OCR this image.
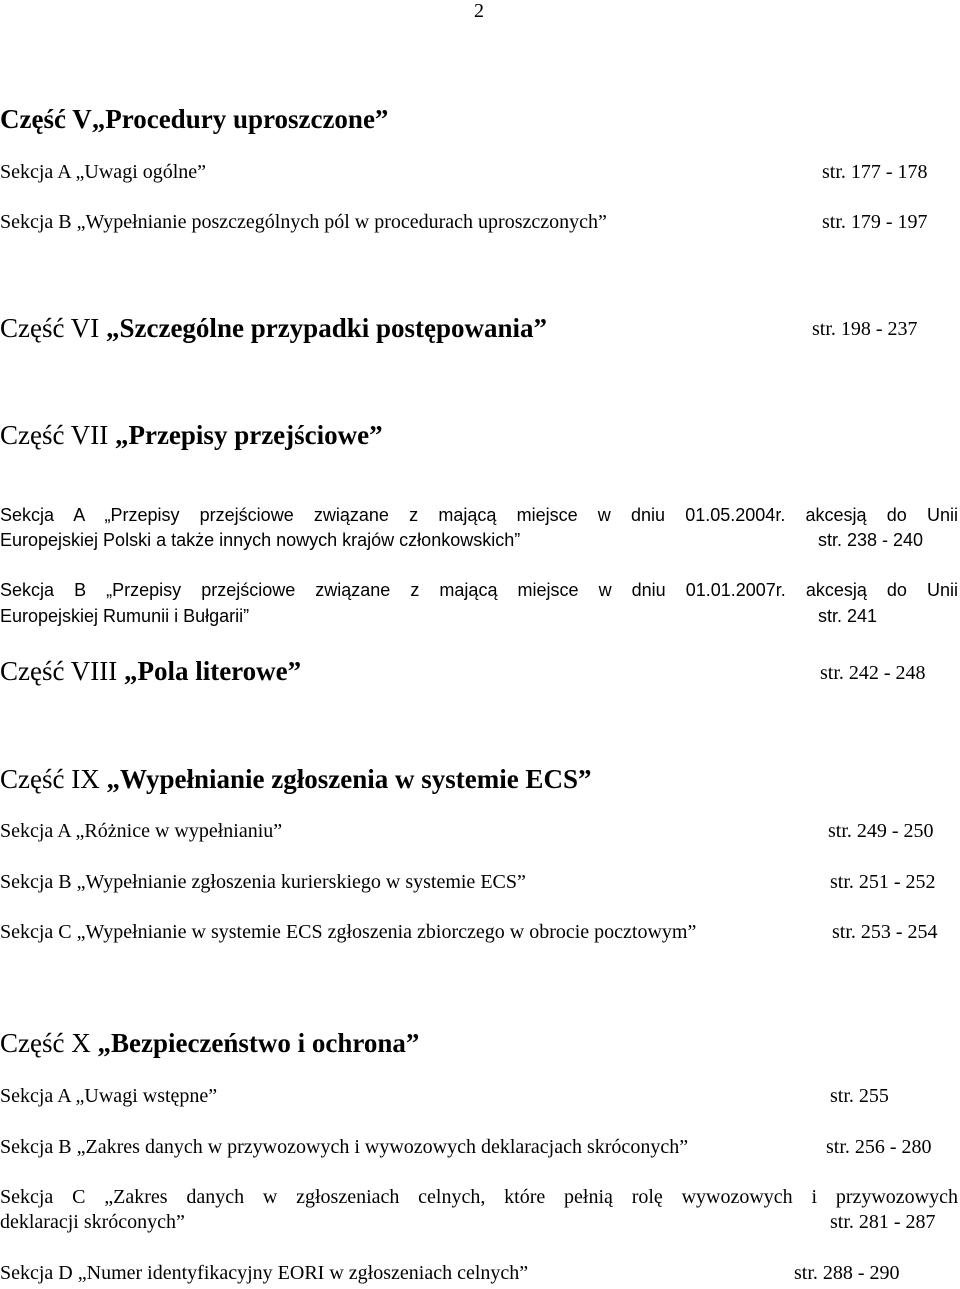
2
Część V„Procedury uproszczone”
Sekcja A „Uwagi ogólne”	str. 177 - 178
Sekcja B „Wypełnianie poszczególnych pól w procedurach uproszczonych”	str. 179 - 197
Część VI „Szczególne przypadki postępowania”	str. 198 - 237
Część VII „Przepisy przejściowe”
Sekcja A „Przepisy przejściowe związane z mającą miejsce w dniu 01.05.2004r. akcesją do Unii
Europejskiej Polski a także innych nowych krajów członkowskich”	str. 238 - 240
Sekcja B „Przepisy przejściowe związane z mającą miejsce w dniu 01.01.2007r. akcesją do Unii
Europejskiej Rumunii i Bułgarii”	str. 241
Część VIII „Pola literowe”	str. 242 - 248
Część IX „Wypełnianie zgłoszenia w systemie ECS”
Sekcja A „Różnice w wypełnianiu”	str. 249 - 250
Sekcja B „Wypełnianie zgłoszenia kurierskiego w systemie ECS”	str. 251 - 252
Sekcja C „Wypełnianie w systemie ECS zgłoszenia zbiorczego w obrocie pocztowym”	str. 253 - 254
Część X „Bezpieczeństwo i ochrona”
Sekcja A „Uwagi wstępne”	str. 255
Sekcja B „Zakres danych w przywozowych i wywozowych deklaracjach skróconych”	str. 256 - 280
Sekcja C „Zakres danych w zgłoszeniach celnych, które pełnią rolę wywozowych i przywozowych
deklaracji skróconych”	str. 281 - 287
Sekcja D „Numer identyfikacyjny EORI w zgłoszeniach celnych”	str. 288 - 290
